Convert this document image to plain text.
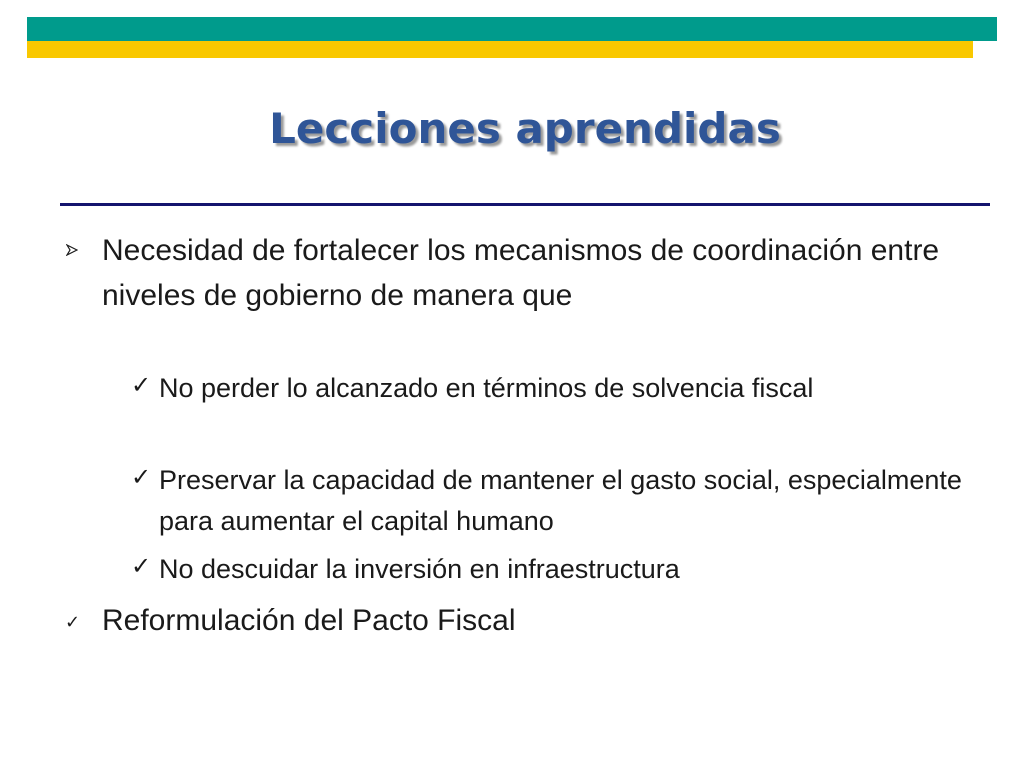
Lecciones aprendidas
Necesidad de fortalecer los mecanismos de coordinación entre niveles de gobierno de manera que
✓ No perder lo alcanzado en términos de solvencia fiscal
✓ Preservar la capacidad de mantener el gasto social, especialmente para aumentar el capital humano
✓ No descuidar la inversión en infraestructura
✓ Reformulación del Pacto Fiscal
